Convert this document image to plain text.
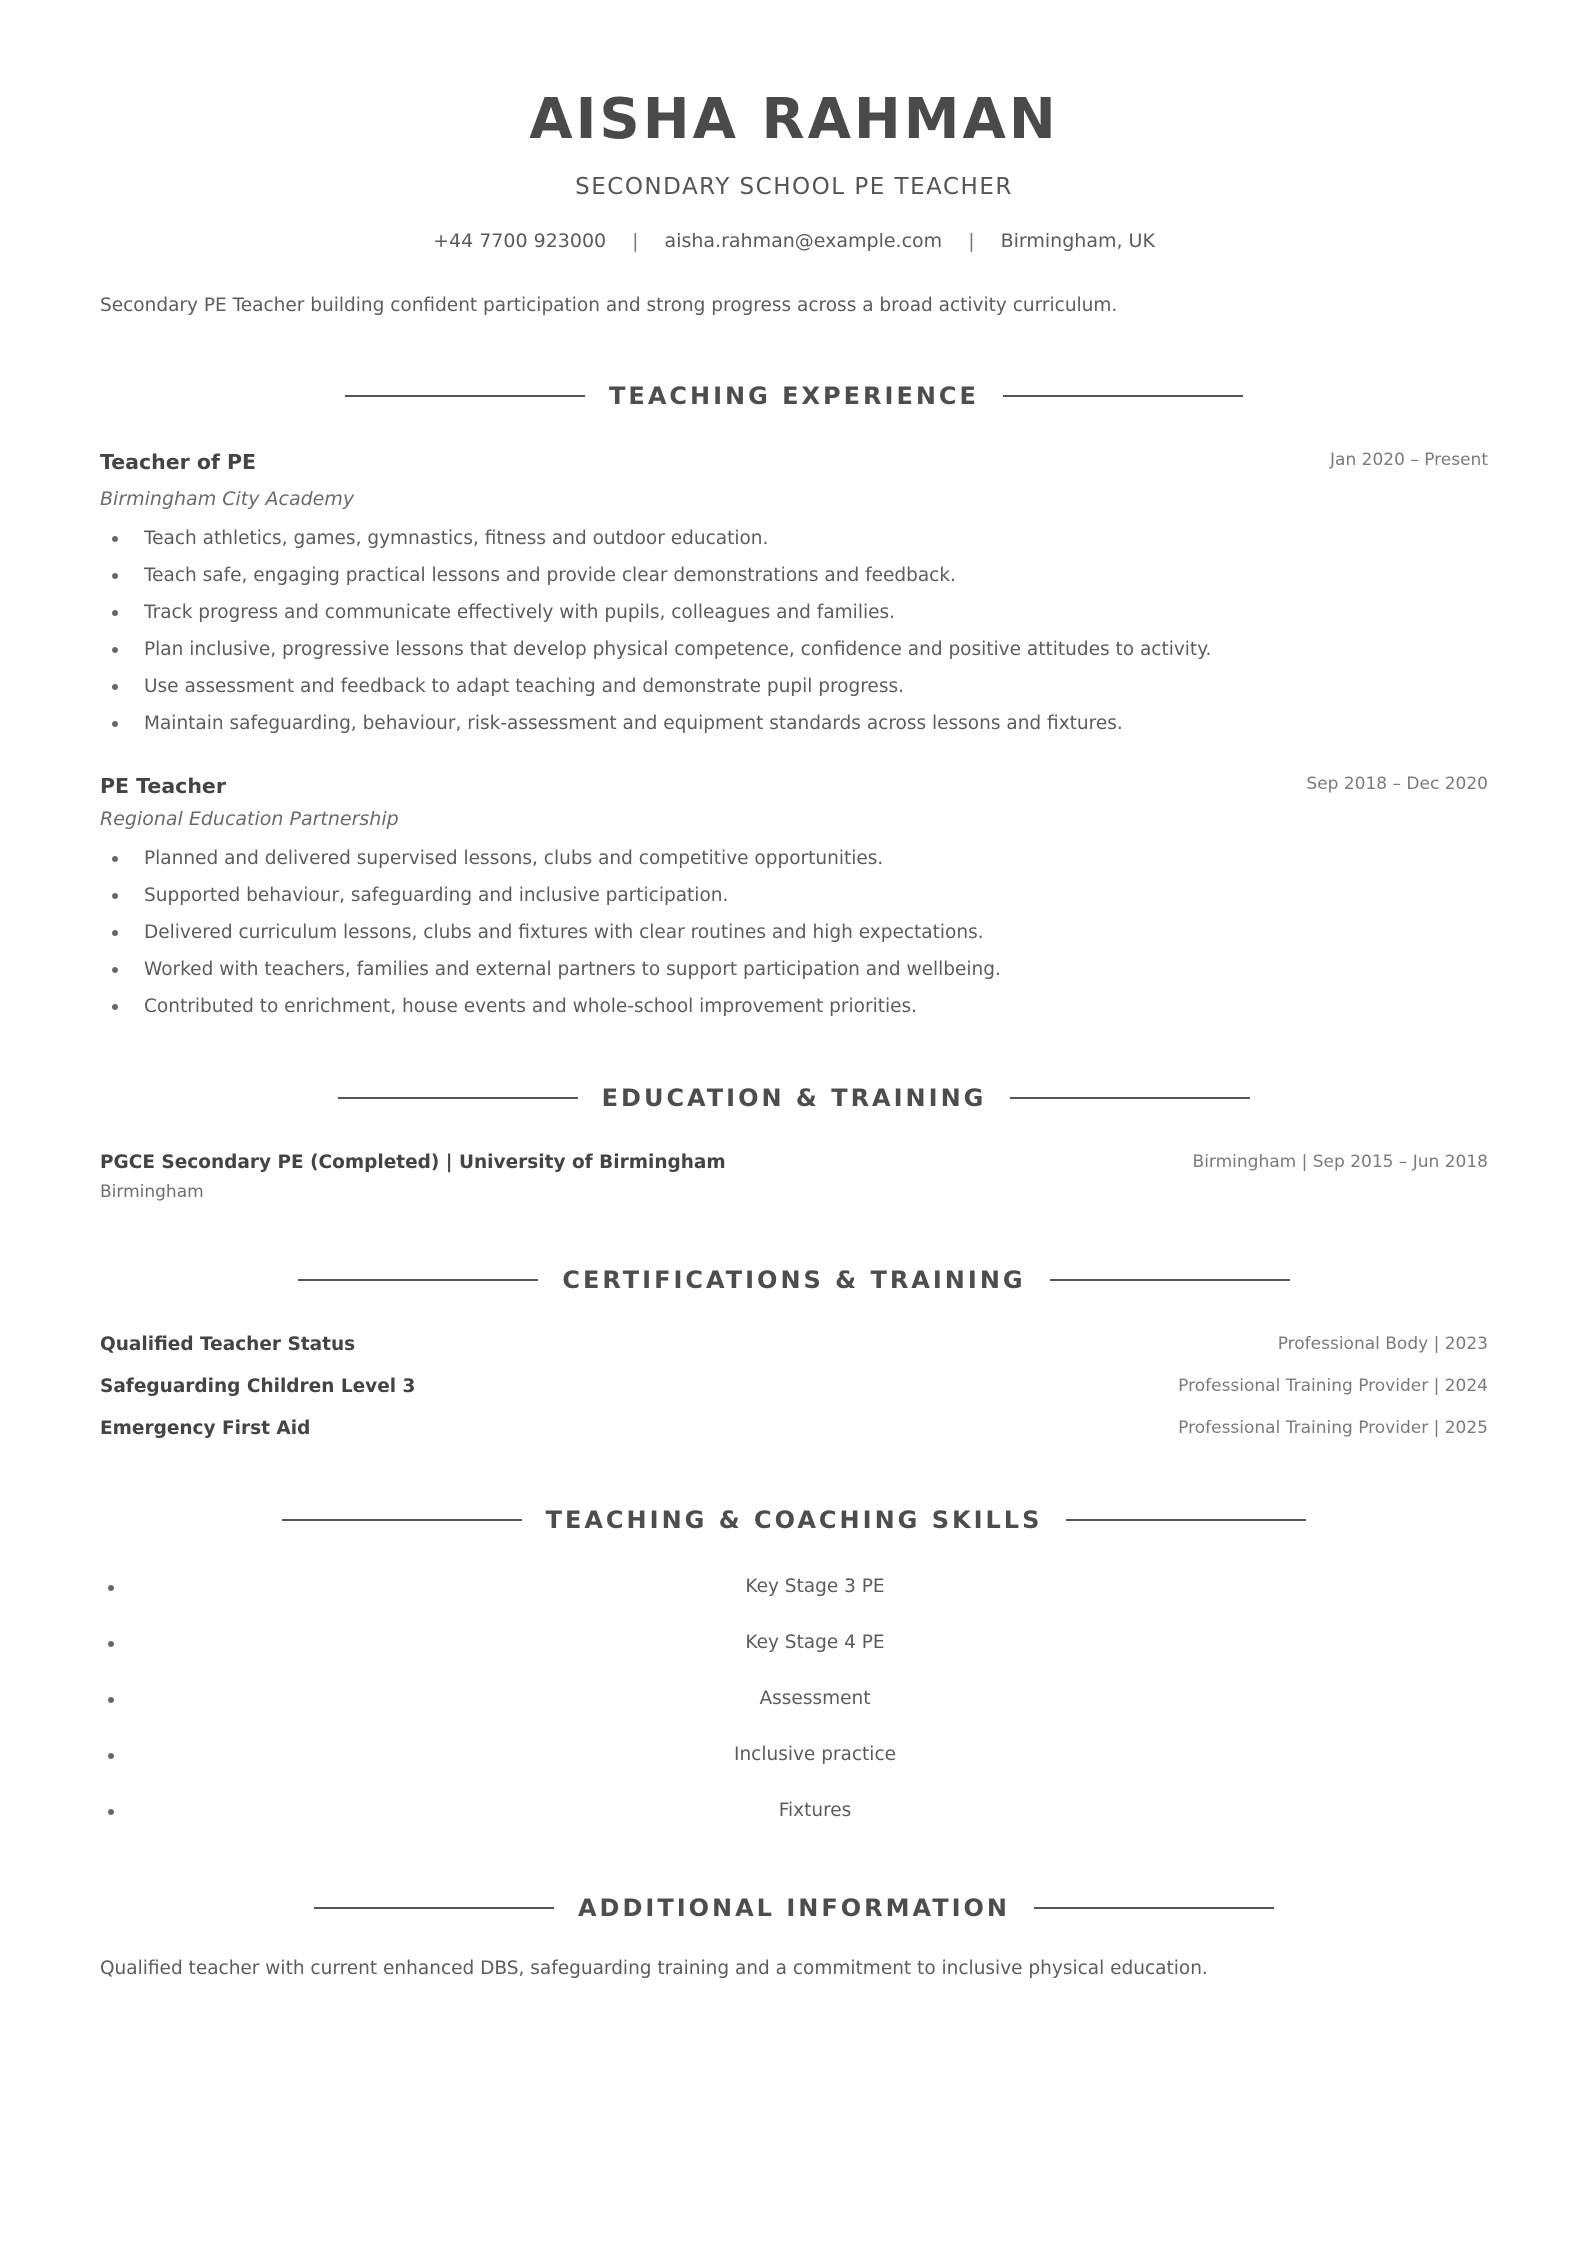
AISHA RAHMAN
SECONDARY SCHOOL PE TEACHER
+44 7700 923000 | aisha.rahman@example.com | Birmingham, UK
Secondary PE Teacher building confident participation and strong progress across a broad activity curriculum.
TEACHING EXPERIENCE
Teacher of PE	Jan 2020 – Present
Birmingham City Academy
Teach athletics, games, gymnastics, fitness and outdoor education.
Teach safe, engaging practical lessons and provide clear demonstrations and feedback.
Track progress and communicate effectively with pupils, colleagues and families.
Plan inclusive, progressive lessons that develop physical competence, confidence and positive attitudes to activity.
Use assessment and feedback to adapt teaching and demonstrate pupil progress.
Maintain safeguarding, behaviour, risk-assessment and equipment standards across lessons and fixtures.
PE Teacher	Sep 2018 – Dec 2020
Regional Education Partnership
Planned and delivered supervised lessons, clubs and competitive opportunities.
Supported behaviour, safeguarding and inclusive participation.
Delivered curriculum lessons, clubs and fixtures with clear routines and high expectations.
Worked with teachers, families and external partners to support participation and wellbeing.
Contributed to enrichment, house events and whole-school improvement priorities.
EDUCATION & TRAINING
PGCE Secondary PE (Completed) | University of Birmingham	Birmingham | Sep 2015 – Jun 2018
Birmingham
CERTIFICATIONS & TRAINING
Qualified Teacher Status	Professional Body | 2023
Safeguarding Children Level 3	Professional Training Provider | 2024
Emergency First Aid	Professional Training Provider | 2025
TEACHING & COACHING SKILLS
Key Stage 3 PE
Key Stage 4 PE
Assessment
Inclusive practice
Fixtures
ADDITIONAL INFORMATION
Qualified teacher with current enhanced DBS, safeguarding training and a commitment to inclusive physical education.
